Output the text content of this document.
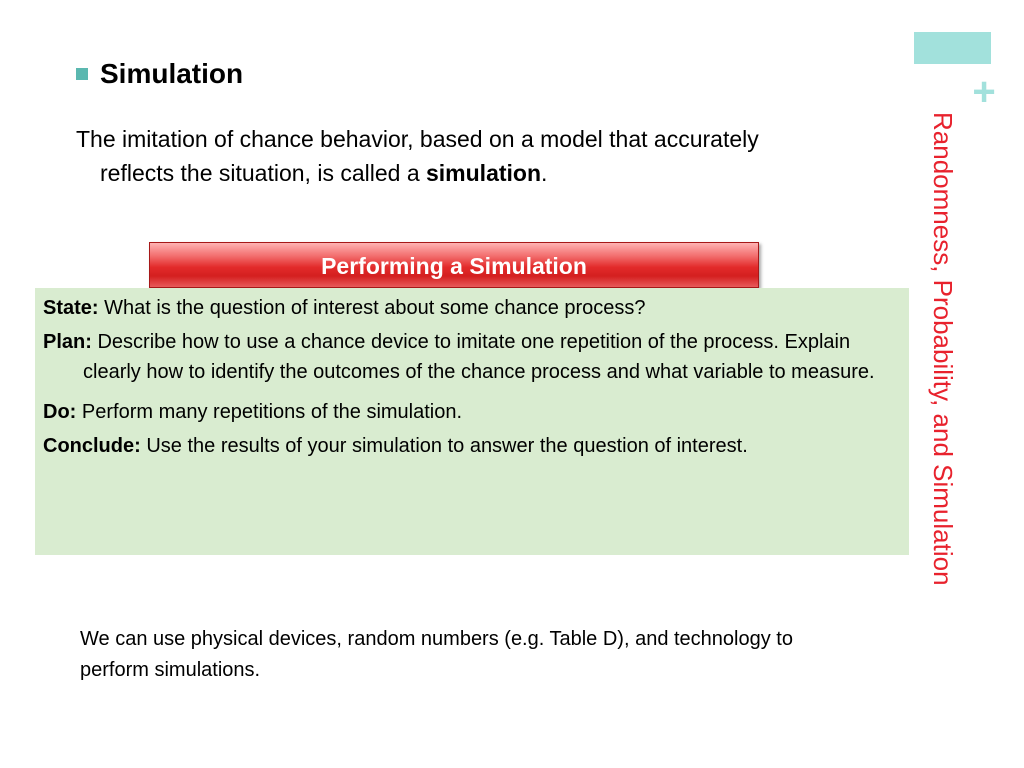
+
Randomness, Probability, and Simulation
Simulation

The imitation of chance behavior, based on a model that accurately reflects the situation, is called a simulation.

Performing a Simulation
State: What is the question of interest about some chance process?
Plan: Describe how to use a chance device to imitate one repetition of the process. Explain clearly how to identify the outcomes of the chance process and what variable to measure.
Do: Perform many repetitions of the simulation.
Conclude: Use the results of your simulation to answer the question of interest.
We can use physical devices, random numbers (e.g. Table D), and technology to perform simulations.
